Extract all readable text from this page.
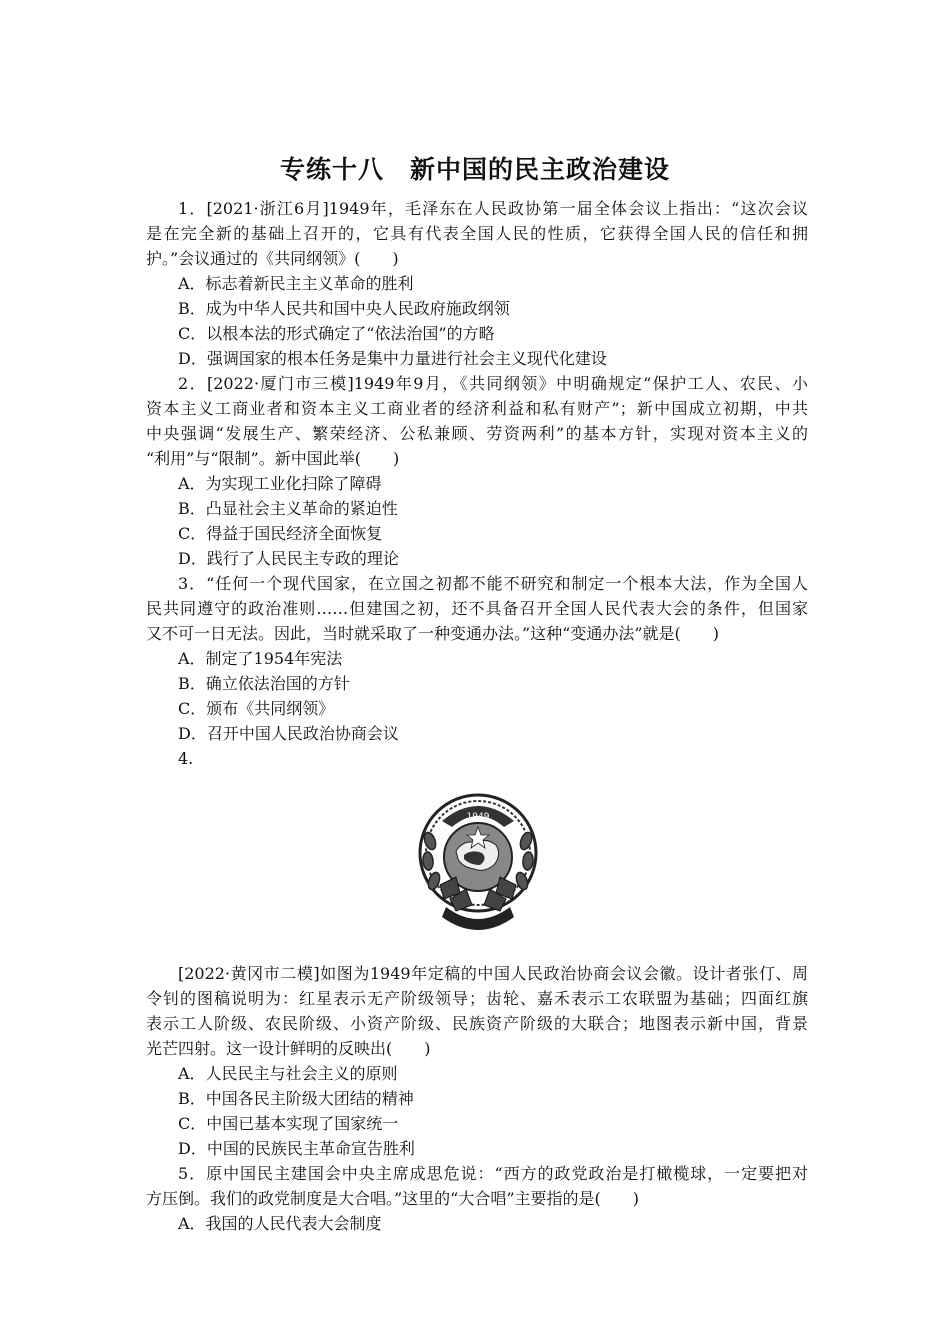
专练十八　新中国的民主政治建设
1．[2021·浙江6月]1949年，毛泽东在人民政协第一届全体会议上指出：“这次会议
是在完全新的基础上召开的，它具有代表全国人民的性质，它获得全国人民的信任和拥
护。”会议通过的《共同纲领》(　　)
A．标志着新民主主义革命的胜利
B．成为中华人民共和国中央人民政府施政纲领
C．以根本法的形式确定了“依法治国”的方略
D．强调国家的根本任务是集中力量进行社会主义现代化建设
2．[2022·厦门市三模]1949年9月，《共同纲领》中明确规定“保护工人、农民、小
资本主义工商业者和资本主义工商业者的经济利益和私有财产”；新中国成立初期，中共
中央强调“发展生产、繁荣经济、公私兼顾、劳资两利”的基本方针，实现对资本主义的
“利用”与“限制”。新中国此举(　　)
A．为实现工业化扫除了障碍
B．凸显社会主义革命的紧迫性
C．得益于国民经济全面恢复
D．践行了人民民主专政的理论
3．“任何一个现代国家，在立国之初都不能不研究和制定一个根本大法，作为全国人
民共同遵守的政治准则……但建国之初，还不具备召开全国人民代表大会的条件，但国家
又不可一日无法。因此，当时就采取了一种变通办法。”这种“变通办法”就是(　　)
A．制定了1954年宪法
B．确立依法治国的方针
C．颁布《共同纲领》
D．召开中国人民政治协商会议
4.
1949
[2022·黄冈市二模]如图为1949年定稿的中国人民政治协商会议会徽。设计者张仃、周
令钊的图稿说明为：红星表示无产阶级领导；齿轮、嘉禾表示工农联盟为基础；四面红旗
表示工人阶级、农民阶级、小资产阶级、民族资产阶级的大联合；地图表示新中国，背景
光芒四射。这一设计鲜明的反映出(　　)
A．人民民主与社会主义的原则
B．中国各民主阶级大团结的精神
C．中国已基本实现了国家统一
D．中国的民族民主革命宣告胜利
5．原中国民主建国会中央主席成思危说：“西方的政党政治是打橄榄球，一定要把对
方压倒。我们的政党制度是大合唱。”这里的“大合唱”主要指的是(　　)
A．我国的人民代表大会制度
